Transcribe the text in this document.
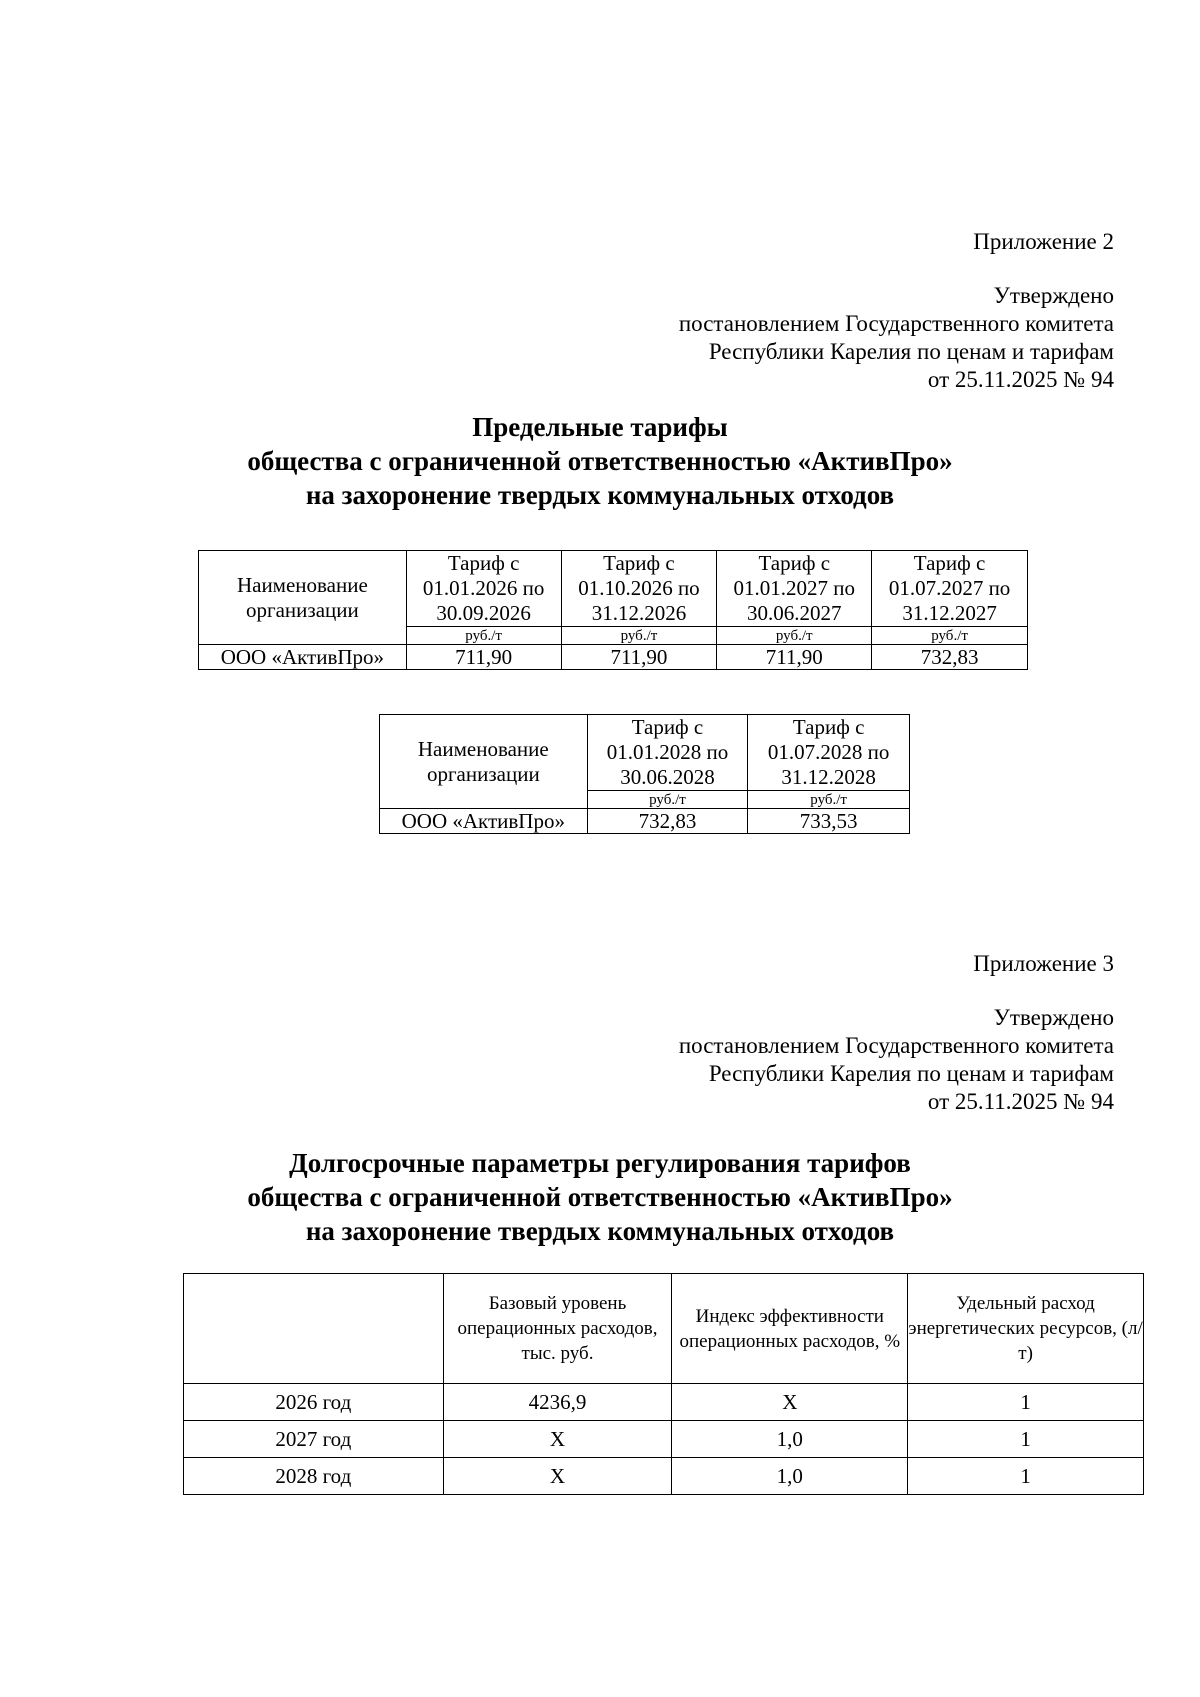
Приложение 2
Утверждено
постановлением Государственного комитета
Республики Карелия по ценам и тарифам
от 25.11.2025 № 94
Предельные тарифы
общества с ограниченной ответственностью «АктивПро»
на захоронение твердых коммунальных отходов
Наименование организации	Тариф с 01.01.2026 по 30.09.2026	Тариф с 01.10.2026 по 31.12.2026	Тариф с 01.01.2027 по 30.06.2027	Тариф с 01.07.2027 по 31.12.2027
	руб./т	руб./т	руб./т	руб./т
ООО «АктивПро»	711,90	711,90	711,90	732,83
Наименование организации	Тариф с 01.01.2028 по 30.06.2028	Тариф с 01.07.2028 по 31.12.2028
	руб./т	руб./т
ООО «АктивПро»	732,83	733,53
Приложение 3
Утверждено
постановлением Государственного комитета
Республики Карелия по ценам и тарифам
от 25.11.2025 № 94
Долгосрочные параметры регулирования тарифов
общества с ограниченной ответственностью «АктивПро»
на захоронение твердых коммунальных отходов
	Базовый уровень операционных расходов, тыс. руб.	Индекс эффективности операционных расходов, %	Удельный расход энергетических ресурсов, (л/т)
2026 год	4236,9	X	1
2027 год	X	1,0	1
2028 год	X	1,0	1
